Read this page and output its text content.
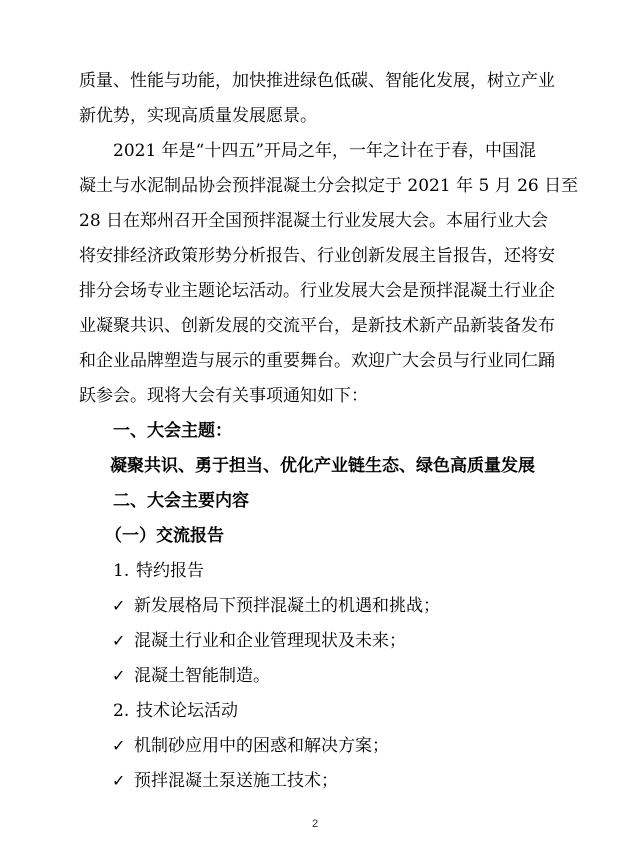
质量、性能与功能，加快推进绿色低碳、智能化发展，树立产业
新优势，实现高质量发展愿景。
2021 年是“十四五”开局之年，一年之计在于春，中国混
凝土与水泥制品协会预拌混凝土分会拟定于 2021 年 5 月 26 日至
28 日在郑州召开全国预拌混凝土行业发展大会。本届行业大会
将安排经济政策形势分析报告、行业创新发展主旨报告，还将安
排分会场专业主题论坛活动。行业发展大会是预拌混凝土行业企
业凝聚共识、创新发展的交流平台，是新技术新产品新装备发布
和企业品牌塑造与展示的重要舞台。欢迎广大会员与行业同仁踊
跃参会。现将大会有关事项通知如下：
一、大会主题：
凝聚共识、勇于担当、优化产业链生态、绿色高质量发展
二、大会主要内容
（一）交流报告
1. 特约报告
✓ 新发展格局下预拌混凝土的机遇和挑战；
✓ 混凝土行业和企业管理现状及未来；
✓ 混凝土智能制造。
2. 技术论坛活动
✓ 机制砂应用中的困惑和解决方案；
✓ 预拌混凝土泵送施工技术；
2
